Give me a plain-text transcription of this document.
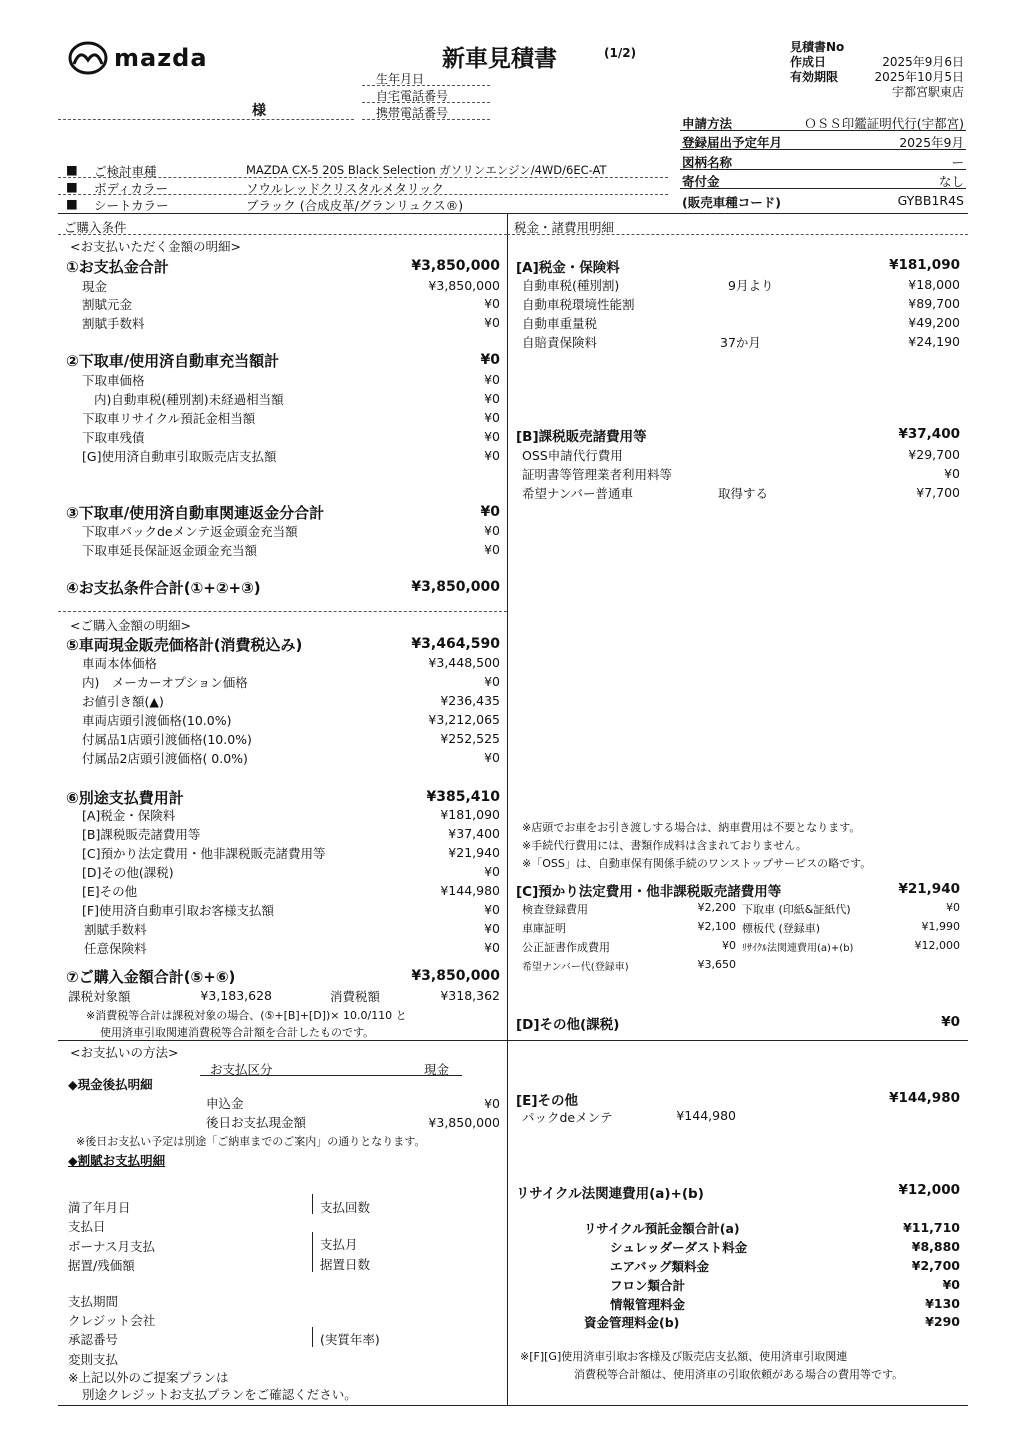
mazda	新車見積書	(1/2)
生年月日
自宅電話番号
携帯電話番号
様
見積書No
作成日	2025年9月6日
有効期限	2025年10月5日
宇都宮駅東店
申請方法	ＯＳＳ印鑑証明代行(宇都宮)
登録届出予定年月	2025年9月
図柄名称	ー
寄付金	なし
(販売車種コード)	GYBB1R4S
■ ご検討車種	MAZDA CX-5 20S Black Selection ガソリンエンジン/4WD/6EC-AT
■ ボディカラー	ソウルレッドクリスタルメタリック
■ シートカラー	ブラック (合成皮革/グランリュクス®)
ご購入条件
<お支払いただく金額の明細>
①お支払金合計	¥3,850,000
現金	¥3,850,000
割賦元金	¥0
割賦手数料	¥0
②下取車/使用済自動車充当額計	¥0
下取車価格	¥0
内)自動車税(種別割)未経過相当額	¥0
下取車リサイクル預託金相当額	¥0
下取車残債	¥0
[G]使用済自動車引取販売店支払額	¥0
③下取車/使用済自動車関連返金分合計	¥0
下取車パックdeメンテ返金頭金充当額	¥0
下取車延長保証返金頭金充当額	¥0
④お支払条件合計(①+②+③)	¥3,850,000
<ご購入金額の明細>
⑤車両現金販売価格計(消費税込み)	¥3,464,590
車両本体価格	¥3,448,500
内)　メーカーオプション価格	¥0
お値引き額(▲)	¥236,435
車両店頭引渡価格(10.0%)	¥3,212,065
付属品1店頭引渡価格(10.0%)	¥252,525
付属品2店頭引渡価格( 0.0%)	¥0
⑥別途支払費用計	¥385,410
[A]税金・保険料	¥181,090
[B]課税販売諸費用等	¥37,400
[C]預かり法定費用・他非課税販売諸費用等	¥21,940
[D]その他(課税)	¥0
[E]その他	¥144,980
[F]使用済自動車引取お客様支払額	¥0
割賦手数料	¥0
任意保険料	¥0
⑦ご購入金額合計(⑤+⑥)	¥3,850,000
課税対象額	¥3,183,628	消費税額	¥318,362
※消費税等合計は課税対象の場合、(⑤+[B]+[D])× 10.0/110 と
使用済車引取関連消費税等合計額を合計したものです。
<お支払いの方法>
お支払区分	現金
◆現金後払明細
申込金	¥0
後日お支払現金額	¥3,850,000
※後日お支払い予定は別途「ご納車までのご案内」の通りとなります。
◆割賦お支払明細
満了年月日	支払回数
支払日
ボーナス月支払	支払月
据置/残価額	据置日数
支払期間
クレジット会社
承認番号	(実質年率)
変則支払
※上記以外のご提案プランは
別途クレジットお支払プランをご確認ください。
税金・諸費用明細
[A]税金・保険料	¥181,090
自動車税(種別割)	9月より	¥18,000
自動車税環境性能割	¥89,700
自動車重量税	¥49,200
自賠責保険料	37か月	¥24,190
[B]課税販売諸費用等	¥37,400
OSS申請代行費用	¥29,700
証明書等管理業者利用料等	¥0
希望ナンバー普通車	取得する	¥7,700
※店頭でお車をお引き渡しする場合は、納車費用は不要となります。
※手続代行費用には、書類作成料は含まれておりません。
※「OSS」は、自動車保有関係手続のワンストップサービスの略です。
[C]預かり法定費用・他非課税販売諸費用等	¥21,940
検査登録費用	¥2,200 下取車 (印紙&証紙代)	¥0
車庫証明	¥2,100 標板代 (登録車)	¥1,990
公正証書作成費用	¥0 ﾘｻｲｸﾙ法関連費用(a)+(b)	¥12,000
希望ナンバー代(登録車)	¥3,650
[D]その他(課税)	¥0
[E]その他	¥144,980
パックdeメンテ	¥144,980
リサイクル法関連費用(a)+(b)	¥12,000
リサイクル預託金額合計(a)	¥11,710
シュレッダーダスト料金	¥8,880
エアバッグ類料金	¥2,700
フロン類合計	¥0
情報管理料金	¥130
資金管理料金(b)	¥290
※[F][G]使用済車引取お客様及び販売店支払額、使用済車引取関連
消費税等合計額は、使用済車の引取依頼がある場合の費用等です。
